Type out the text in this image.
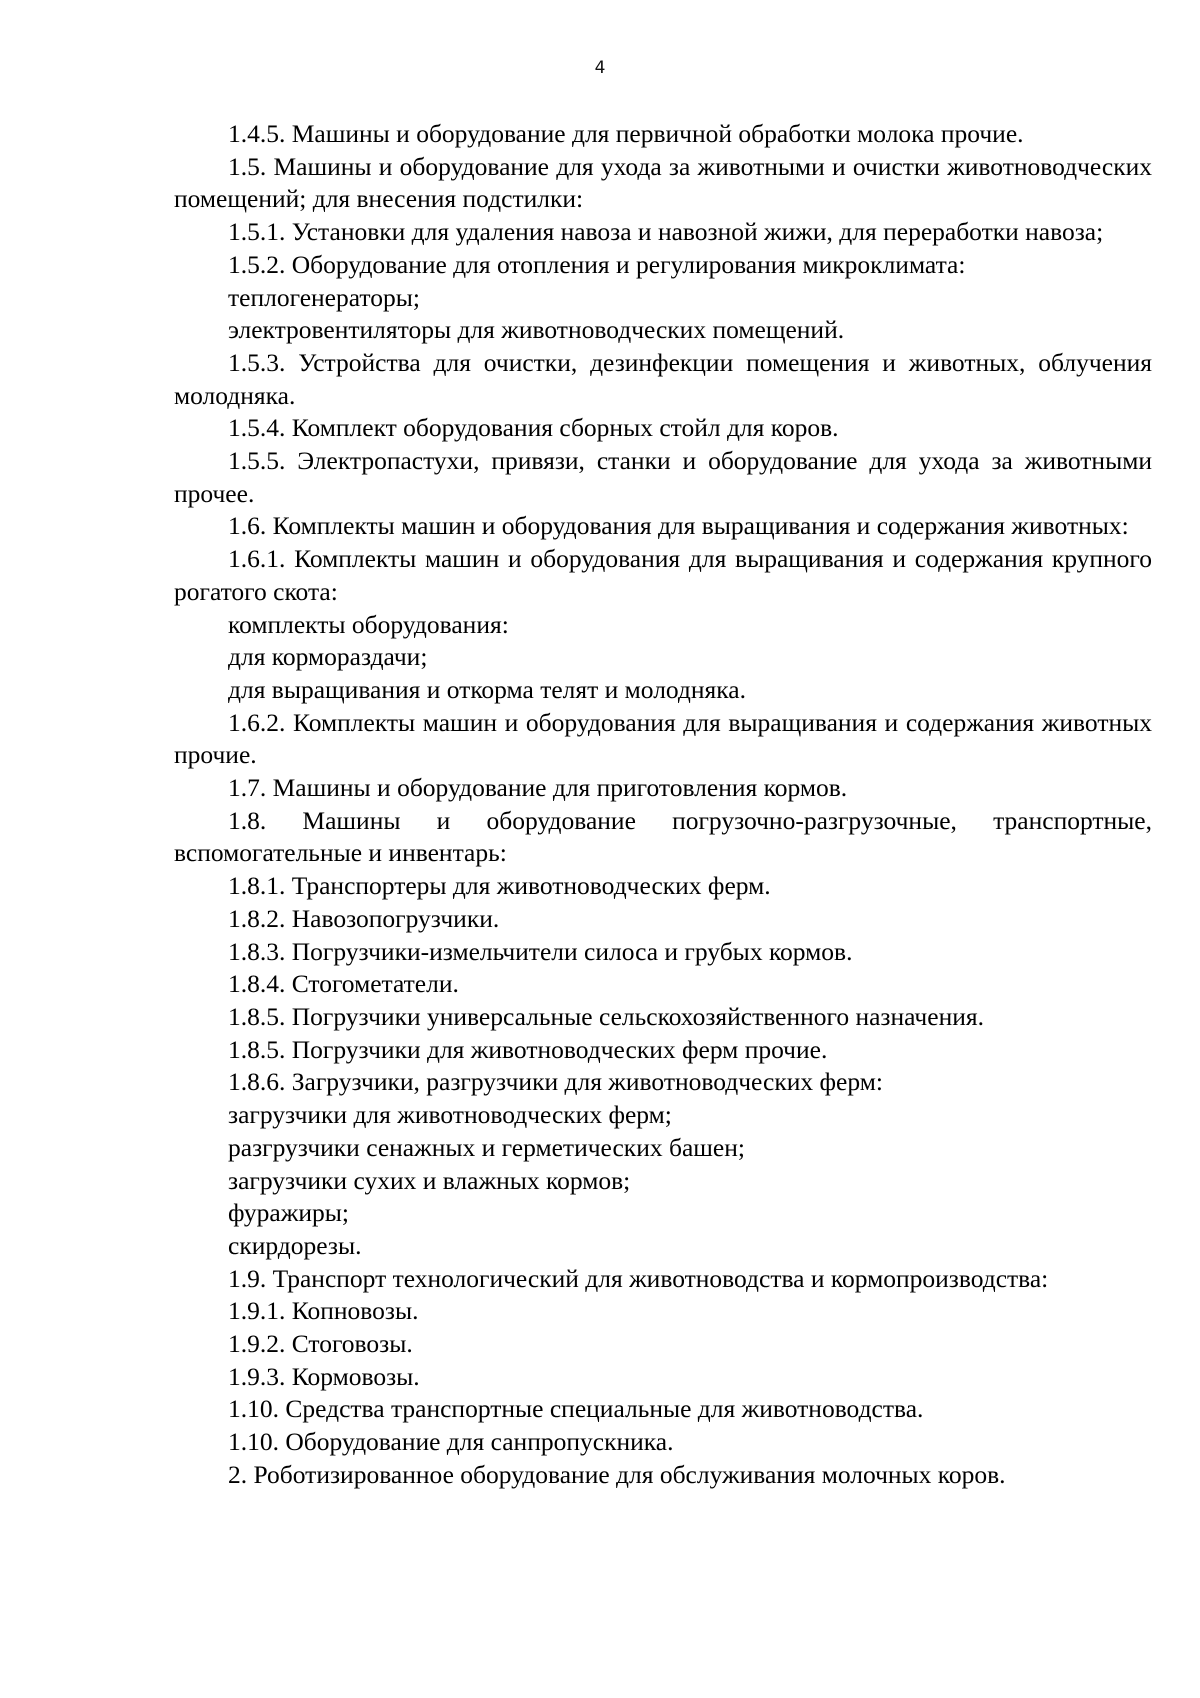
4

1.4.5. Машины и оборудование для первичной обработки молока прочие.

1.5. Машины и оборудование для ухода за животными и очистки животноводческих помещений; для внесения подстилки:

1.5.1. Установки для удаления навоза и навозной жижи, для переработки навоза;

1.5.2. Оборудование для отопления и регулирования микроклимата:

теплогенераторы;

электровентиляторы для животноводческих помещений.

1.5.3. Устройства для очистки, дезинфекции помещения и животных, облучения молодняка.

1.5.4. Комплект оборудования сборных стойл для коров.

1.5.5. Электропастухи, привязи, станки и оборудование для ухода за животными прочее.

1.6. Комплекты машин и оборудования для выращивания и содержания животных:

1.6.1. Комплекты машин и оборудования для выращивания и содержания крупного рогатого скота:

комплекты оборудования:

для кормораздачи;

для выращивания и откорма телят и молодняка.

1.6.2. Комплекты машин и оборудования для выращивания и содержания животных прочие.

1.7. Машины и оборудование для приготовления кормов.

1.8. Машины и оборудование погрузочно-разгрузочные, транспортные, вспомогательные и инвентарь:

1.8.1. Транспортеры для животноводческих ферм.

1.8.2. Навозопогрузчики.

1.8.3. Погрузчики-измельчители силоса и грубых кормов.

1.8.4. Стогометатели.

1.8.5. Погрузчики универсальные сельскохозяйственного назначения.

1.8.5. Погрузчики для животноводческих ферм прочие.

1.8.6. Загрузчики, разгрузчики для животноводческих ферм:

загрузчики для животноводческих ферм;

разгрузчики сенажных и герметических башен;

загрузчики сухих и влажных кормов;

фуражиры;

скирдорезы.

1.9. Транспорт технологический для животноводства и кормопроизводства:

1.9.1. Копновозы.

1.9.2. Стоговозы.

1.9.3. Кормовозы.

1.10. Средства транспортные специальные для животноводства.

1.10. Оборудование для санпропускника.

2. Роботизированное оборудование для обслуживания молочных коров.
